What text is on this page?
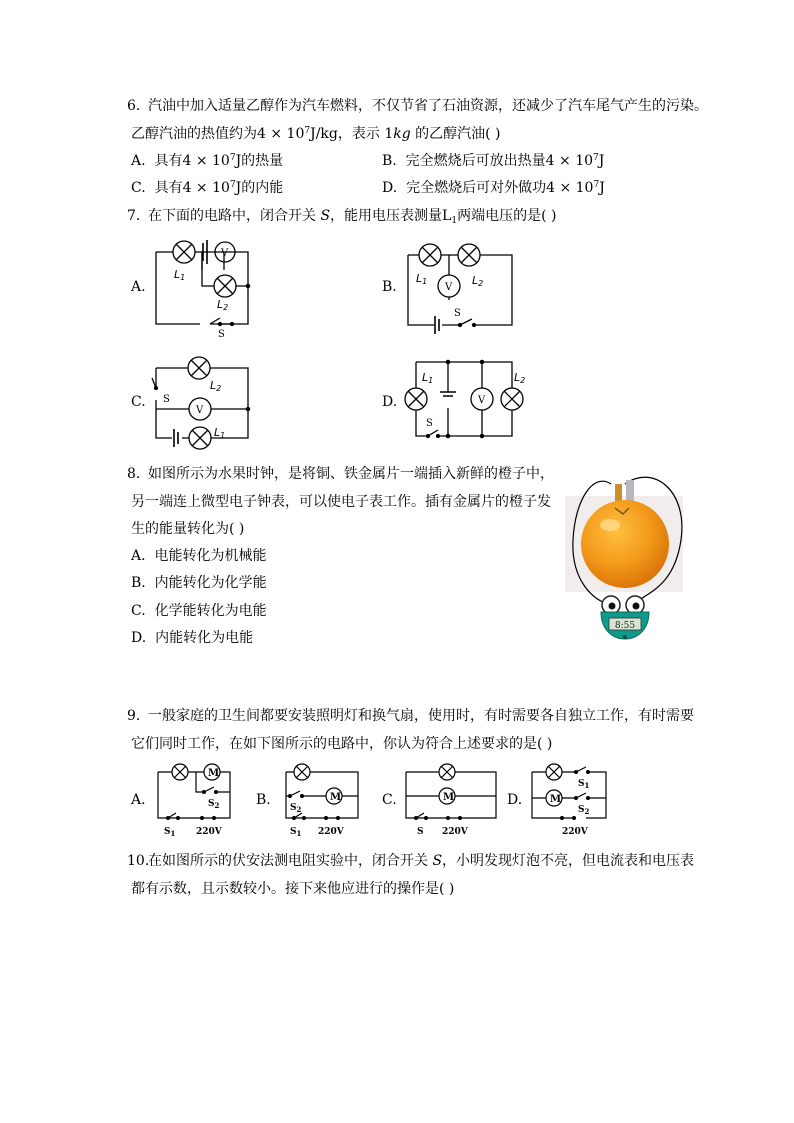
6. 汽油中加入适量乙醇作为汽车燃料，不仅节省了石油资源，还减少了汽车尾气产生的污染。
乙醇汽油的热值约为$4 \times 10^7J/kg$，表示 1kg 的乙醇汽油( )
A. 具有$4 \times 10^7J$的热量	B. 完全燃烧后可放出热量$4 \times 10^7J$
C. 具有$4 \times 10^7J$的内能	D. 完全燃烧后可对外做功$4 \times 10^7J$
7. 在下面的电路中，闭合开关 S，能用电压表测量$L_1$两端电压的是( )
A.	B.
C.	D.
V
L1
L2
S
V
L1	L2
S
V
L2
L1
S	V
L1	L2
S
8. 如图所示为水果时钟，是将铜、铁金属片一端插入新鲜的橙子中，
另一端连上微型电子钟表，可以使电子表工作。插有金属片的橙子发
生的能量转化为( )
A. 电能转化为机械能
B. 内能转化为化学能
C. 化学能转化为电能
D. 内能转化为电能
8:55
9. 一般家庭的卫生间都要安装照明灯和换气扇，使用时，有时需要各自独立工作，有时需要
它们同时工作，在如下图所示的电路中，你认为符合上述要求的是( )
A.	B.	C.	D.
M
$S_2$
$S_1$ 220V
M
$S_2$
$S_1$ 220V
M
S 220V
M
$S_1$
$S_2$
220V
10.
在如图所示的伏安法测电阻实验中，闭合开关 S，小明发现灯泡不亮，但电流表和电压表
都有示数，且示数较小。接下来他应进行的操作是( )
